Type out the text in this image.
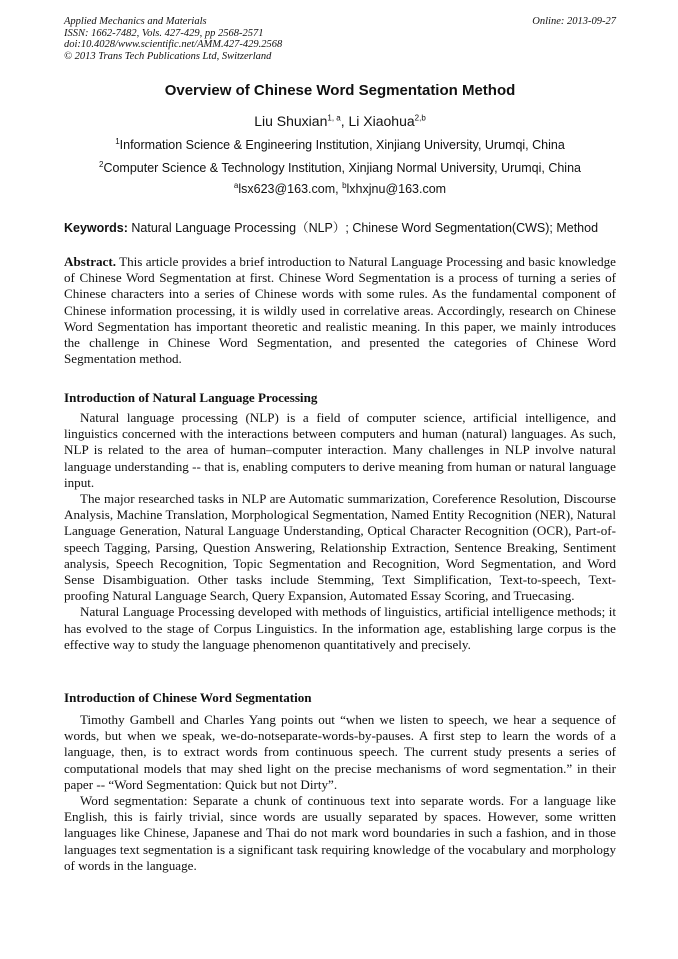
Applied Mechanics and Materials
ISSN: 1662-7482, Vols. 427-429, pp 2568-2571
doi:10.4028/www.scientific.net/AMM.427-429.2568
© 2013 Trans Tech Publications Ltd, Switzerland
Online: 2013-09-27
Overview of Chinese Word Segmentation Method
Liu Shuxian$^{1, a}$, Li Xiaohua$^{2,b}$
$^1$Information Science & Engineering Institution, Xinjiang University, Urumqi, China
$^2$Computer Science & Technology Institution, Xinjiang Normal University, Urumqi, China
$^a$lsx623@163.com, $^b$lxhxjnu@163.com
Keywords: Natural Language Processing（NLP）; Chinese Word Segmentation(CWS); Method

Abstract. This article provides a brief introduction to Natural Language Processing and basic knowledge of Chinese Word Segmentation at first. Chinese Word Segmentation is a process of turning a series of Chinese characters into a series of Chinese words with some rules. As the fundamental component of Chinese information processing, it is wildly used in correlative areas. Accordingly, research on Chinese Word Segmentation has important theoretic and realistic meaning. In this paper, we mainly introduces the challenge in Chinese Word Segmentation, and presented the categories of Chinese Word Segmentation method.

Introduction of Natural Language Processing

Natural language processing (NLP) is a field of computer science, artificial intelligence, and linguistics concerned with the interactions between computers and human (natural) languages. As such, NLP is related to the area of human–computer interaction. Many challenges in NLP involve natural language understanding -- that is, enabling computers to derive meaning from human or natural language input.

The major researched tasks in NLP are Automatic summarization, Coreference Resolution, Discourse Analysis, Machine Translation, Morphological Segmentation, Named Entity Recognition (NER), Natural Language Generation, Natural Language Understanding, Optical Character Recognition (OCR), Part-of-speech Tagging, Parsing, Question Answering, Relationship Extraction, Sentence Breaking, Sentiment analysis, Speech Recognition, Topic Segmentation and Recognition, Word Segmentation, and Word Sense Disambiguation. Other tasks include Stemming, Text Simplification, Text-to-speech, Text-proofing Natural Language Search, Query Expansion, Automated Essay Scoring, and Truecasing.

Natural Language Processing developed with methods of linguistics, artificial intelligence methods; it has evolved to the stage of Corpus Linguistics. In the information age, establishing large corpus is the effective way to study the language phenomenon quantitatively and precisely.

Introduction of Chinese Word Segmentation

Timothy Gambell and Charles Yang points out “when we listen to speech, we hear a sequence of words, but when we speak, we-do-notseparate-words-by-pauses. A first step to learn the words of a language, then, is to extract words from continuous speech. The current study presents a series of computational models that may shed light on the precise mechanisms of word segmentation.” in their paper -- “Word Segmentation: Quick but not Dirty”.

Word segmentation: Separate a chunk of continuous text into separate words. For a language like English, this is fairly trivial, since words are usually separated by spaces. However, some written languages like Chinese, Japanese and Thai do not mark word boundaries in such a fashion, and in those languages text segmentation is a significant task requiring knowledge of the vocabulary and morphology of words in the language.
